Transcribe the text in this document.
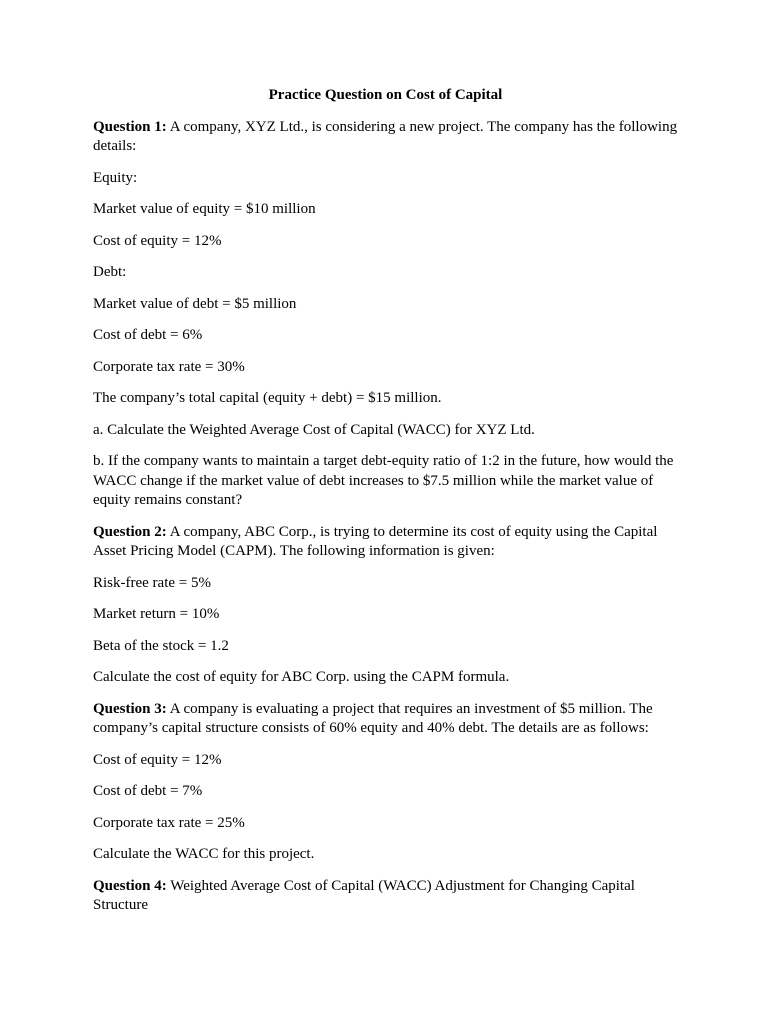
Practice Question on Cost of Capital

Question 1: A company, XYZ Ltd., is considering a new project. The company has the following details:

Equity:

Market value of equity = $10 million

Cost of equity = 12%

Debt:

Market value of debt = $5 million

Cost of debt = 6%

Corporate tax rate = 30%

The company’s total capital (equity + debt) = $15 million.

a. Calculate the Weighted Average Cost of Capital (WACC) for XYZ Ltd.

b. If the company wants to maintain a target debt-equity ratio of 1:2 in the future, how would the WACC change if the market value of debt increases to $7.5 million while the market value of equity remains constant?

Question 2: A company, ABC Corp., is trying to determine its cost of equity using the Capital Asset Pricing Model (CAPM). The following information is given:

Risk-free rate = 5%

Market return = 10%

Beta of the stock = 1.2

Calculate the cost of equity for ABC Corp. using the CAPM formula.

Question 3: A company is evaluating a project that requires an investment of $5 million. The company’s capital structure consists of 60% equity and 40% debt. The details are as follows:

Cost of equity = 12%

Cost of debt = 7%

Corporate tax rate = 25%

Calculate the WACC for this project.

Question 4: Weighted Average Cost of Capital (WACC) Adjustment for Changing Capital Structure
